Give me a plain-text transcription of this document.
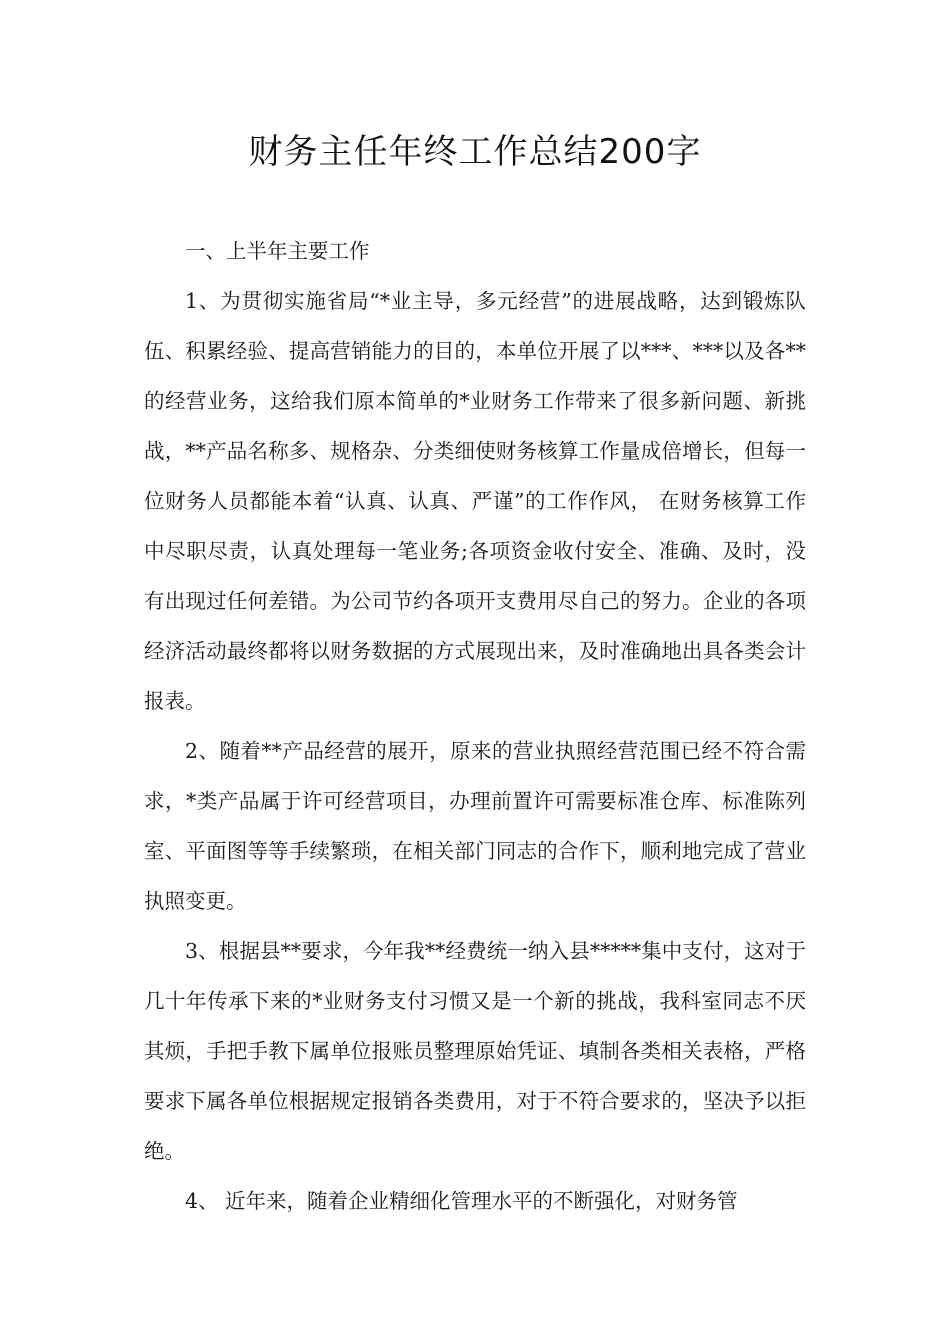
财务主任年终工作总结200字

一、上半年主要工作

1、为贯彻实施省局“*业主导，多元经营”的进展战略，达到锻炼队伍、积累经验、提高营销能力的目的，本单位开展了以***、***以及各**的经营业务，这给我们原本简单的*业财务工作带来了很多新问题、新挑战，**产品名称多、规格杂、分类细使财务核算工作量成倍增长，但每一位财务人员都能本着“认真、认真、严谨”的工作作风， 在财务核算工作中尽职尽责，认真处理每一笔业务;各项资金收付安全、准确、及时，没有出现过任何差错。为公司节约各项开支费用尽自己的努力。企业的各项经济活动最终都将以财务数据的方式展现出来，及时准确地出具各类会计报表。

2、随着**产品经营的展开，原来的营业执照经营范围已经不符合需求，*类产品属于许可经营项目，办理前置许可需要标准仓库、标准陈列室、平面图等等手续繁琐，在相关部门同志的合作下，顺利地完成了营业执照变更。

3、根据县**要求，今年我**经费统一纳入县*****集中支付，这对于几十年传承下来的*业财务支付习惯又是一个新的挑战，我科室同志不厌其烦，手把手教下属单位报账员整理原始凭证、填制各类相关表格，严格要求下属各单位根据规定报销各类费用，对于不符合要求的，坚决予以拒绝。

4、 近年来，随着企业精细化管理水平的不断强化，对财务管
